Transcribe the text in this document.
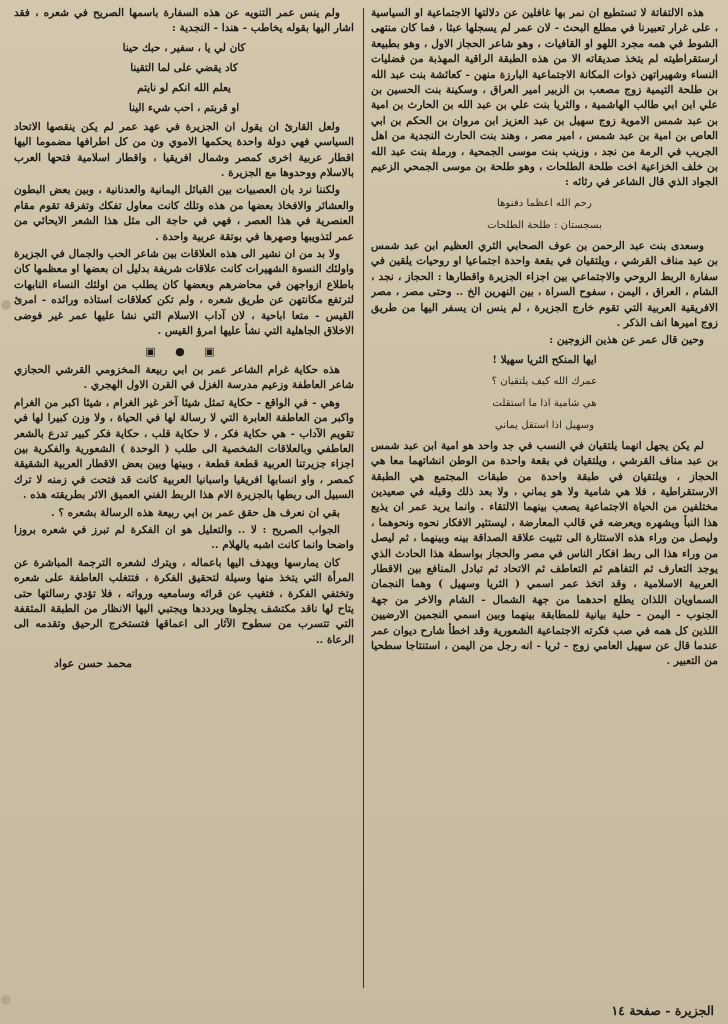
هذه الالتفاتة لا تستطيع ان نمر بها غافلين عن دلالتها الاجتماعية او السياسية ، على غرار تعبيرنا في مطلع البحث - لان عمر لم يسجلها عبثا ، فما كان منتهى الشوط في همه مجرد اللهو او القافيات ، وهو شاعر الحجاز الاول ، وهو بطبيعة ارستقراطيته لم يتخذ صديقاته الا من هذه الطبقة الراقية المهذبة من فضليات النساء وشهيراتهن ذوات المكانة الاجتماعية البارزة منهن - كعائشة بنت عبد الله بن طلحة التيمية زوج مصعب بن الزبير امير العراق ، وسكينة بنت الحسين بن علي ابن ابي طالب الهاشمية ، والثريا بنت علي بن عبد الله بن الحارث بن امية بن عبد شمس الاموية زوج سهيل بن عبد العزيز ابن مروان بن الحكم بن ابي العاص بن امية بن عبد شمس ، امير مصر ، وهند بنت الحارث النجدية من اهل الجريب في الرمة من نجد ، وزينب بنت موسى الجمحية ، ورملة بنت عبد الله بن خلف الخزاعية اخت طلحة الطلحات ، وهو طلحة بن موسى الجمحي الزعيم الجواد الذي قال الشاعر في رثائه :

رحم الله اعظما دفنوها
بسجستان : طلحة الطلحات

وسعدى بنت عبد الرحمن بن عوف الصحابي الثري العظيم ابن عبد شمس بن عبد مناف القرشي ، ويلتقيان في بقعة واحدة اجتماعيا او روحيات يلقين في سفارة الربط الروحي والاجتماعي بين اجزاء الجزيرة واقطارها : الحجاز ، نجد ، الشام ، العراق ، اليمن ، سفوح السراة ، بين النهرين الخ .. وحتى مصر ، مصر الافريقية العربية التي تقوم خارج الجزيرة ، لم ينس ان يسفر اليها من طريق زوج اميرها انف الذكر .

وحين قال عمر عن هذين الزوجين :

ايها المنكح الثريا سهيلا !
عمرك الله كيف يلتقيان ؟
هي شامية اذا ما استقلت
وسهيل اذا استقل يماني

لم يكن يجهل انهما يلتقيان في النسب في جد واحد هو امية ابن عبد شمس بن عبد مناف القرشي ، ويلتقيان في بقعة واحدة من الوطن انشاتهما معا هي الحجاز ، ويلتقيان في طبقة واحدة من طبقات المجتمع هي الطبقة الارستقراطية ، فلا هي شامية ولا هو يماني ، ولا بعد ذلك وقبله في صعيدين مختلفين من الحياة الاجتماعية يصعب بينهما الالتقاء . وانما يريد عمر ان يذيع هذا النبأ ويشهره ويعرضه في قالب المعارضة ، ليستثير الافكار نحوه ونحوهما ، وليصل من وراء هذه الاستثارة الى تثبيت علاقة الصداقة بينه وبينهما ، ثم ليصل من وراء هذا الى ربط افكار الناس في مصر والحجاز بواسطة هذا الحادث الذي يوجد التعارف ثم التفاهم ثم التعاطف ثم الاتحاد ثم تبادل المنافع بين الاقطار العربية الاسلامية ، وقد اتخذ عمر اسمي ( الثريا وسهيل ) وهما النجمان السماويان اللذان يطلع احدهما من جهة الشمال - الشام والاخر من جهة الجنوب - اليمن - حلية بيانية للمطابقة بينهما وبين اسمي النجمين الارضيين اللذين كل همه في صب فكرته الاجتماعية الشعورية وقد اخطأ شارح ديوان عمر عندما قال عن سهيل العامي زوج - ثريا - انه رجل من اليمن ، استنتاجا سطحيا من التعبير .

ولم ينس عمر التنويه عن هذه السفارة باسمها الصريح في شعره ، فقد اشار اليها بقوله يخاطب - هندا - النجدية :

كان لي يا ، سفير ، حبك حينا
كاد يقضي على لما التقينا
يعلم الله انكم لو نايتم
او قربتم ، احب شيء الينا

ولعل القارئ ان يقول ان الجزيرة في عهد عمر لم يكن ينقصها الاتحاد السياسي فهي دولة واحدة يحكمها الاموي ون من كل اطرافها مضموما اليها اقطار عربية اخرى كمصر وشمال افريقيا ، واقطار اسلامية فتحها العرب بالاسلام ووحدوها مع الجزيرة .

ولكننا نرد بان العصبيات بين القبائل اليمانية والعدنانية ، وبين بعض البطون والعشائر والافخاذ بعضها من هذه وتلك كانت معاول تفكك وتفرقة تقوم مقام العنصرية في هذا العصر ، فهي في حاجة الى مثل هذا الشعر الايحائي من عمر لتذويبها وصهرها في بوتقة عربية واحدة .

ولا بد من ان نشير الى هذه العلاقات بين شاعر الحب والجمال في الجزيرة واولئك النسوة الشهيرات كانت علاقات شريفة بدليل ان بعضها او معظمها كان باطلاع ازواجهن في محاضرهم وبعضها كان يطلب من اولئك النساء النابهات لترتفع مكانتهن عن طريق شعره ، ولم تكن كعلاقات استاذه ورائده - امرئ القيس - متعا اباحية ، لان آداب الاسلام التي نشا عليها عمر غير فوضى الاخلاق الجاهلية التي نشأ عليها امرؤ القيس .

▣ ● ▣

هذه حكاية غرام الشاعر عمر بن ابي ربيعة المخزومي القرشي الحجازي شاعر العاطفة وزعيم مدرسة الغزل في القرن الاول الهجري .

وهي - في الواقع - حكاية تمثل شيئا آخر غير الغرام ، شيئا اكبر من الغرام واكبر من العاطفة العابرة التي لا رسالة لها في الحياة ، ولا وزن كبيرا لها في تقويم الآداب - هي حكاية فكر ، لا حكاية قلب ، حكاية فكر كبير تدرع بالشعر العاطفي وبالعلاقات الشخصية الى طلب ( الوحدة ) الشعورية والفكرية بين اجزاء جزيرتنا العربية قطعة قطعة ، وبينها وبين بعض الاقطار العربية الشقيقة كمصر ، واو انسابها افريقيا واسبانيا العربية كانت قد فتحت في زمنه لا ترك السبيل الى ربطها بالجزيرة الام هذا الربط الفني العميق الاثر بطريقته هذه .

بقي ان نعرف هل حقق عمر بن ابي ربيعة هذه الرسالة بشعره ؟ .

الجواب الصريح : لا .. والتعليل هو ان الفكرة لم تبرز في شعره بروزا واضحا وانما كانت اشبه بالهلام ..

كان يمارسها ويهدف اليها باعماله ، ويترك لشعره الترجمة المباشرة عن المرأة التي يتخذ منها وسيلة لتحقيق الفكرة ، فتتغلب العاطفة على شعره وتختفي الفكرة ، فتغيب عن قرائه وسامعيه ورواته ، فلا تؤدي رسالتها حتى يتاح لها ناقد مكتشف يجلوها ويرددها ويجتبي اليها الانظار من الطبقة المثقفة التي تتسرب من سطوح الآثار الى اعماقها فتستخرج الرحيق وتقدمه الى الرعاة ..

محمد حسن عواد
الجزيرة - صفحة ١٤
